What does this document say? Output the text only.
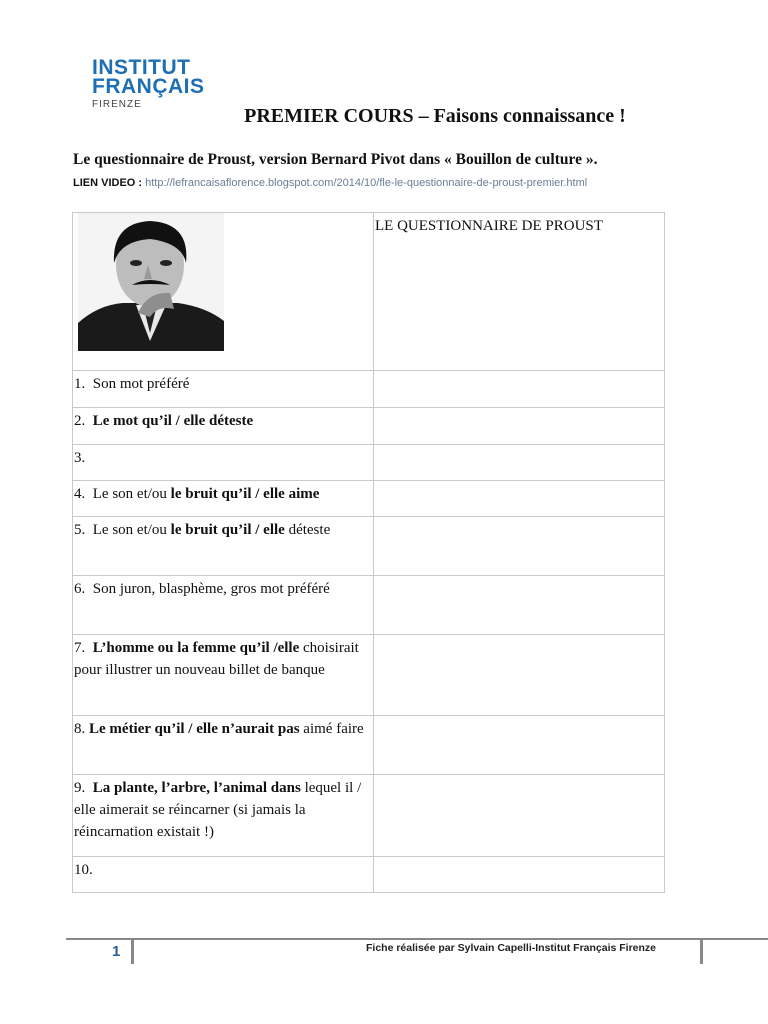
INSTITUT
FRANÇAIS
FIRENZE
PREMIER COURS – Faisons connaissance !
Le questionnaire de Proust, version Bernard Pivot dans « Bouillon de culture ».
LIEN VIDEO : http://lefrancaisaflorence.blogspot.com/2014/10/fle-le-questionnaire-de-proust-premier.html
	LE QUESTIONNAIRE DE PROUST
1. Son mot préféré	
2. Le mot qu’il / elle déteste	
3.	
4. Le son et/ou le bruit qu’il / elle aime	
5. Le son et/ou le bruit qu’il / elle déteste	
6. Son juron, blasphème, gros mot préféré	
7. L’homme ou la femme qu’il /elle choisirait pour illustrer un nouveau billet de banque	
8. Le métier qu’il / elle n’aurait pas aimé faire	
9. La plante, l’arbre, l’animal dans lequel il / elle aimerait se réincarner (si jamais la réincarnation existait !)	
10.	
1	Fiche réalisée par Sylvain Capelli-Institut Français Firenze
